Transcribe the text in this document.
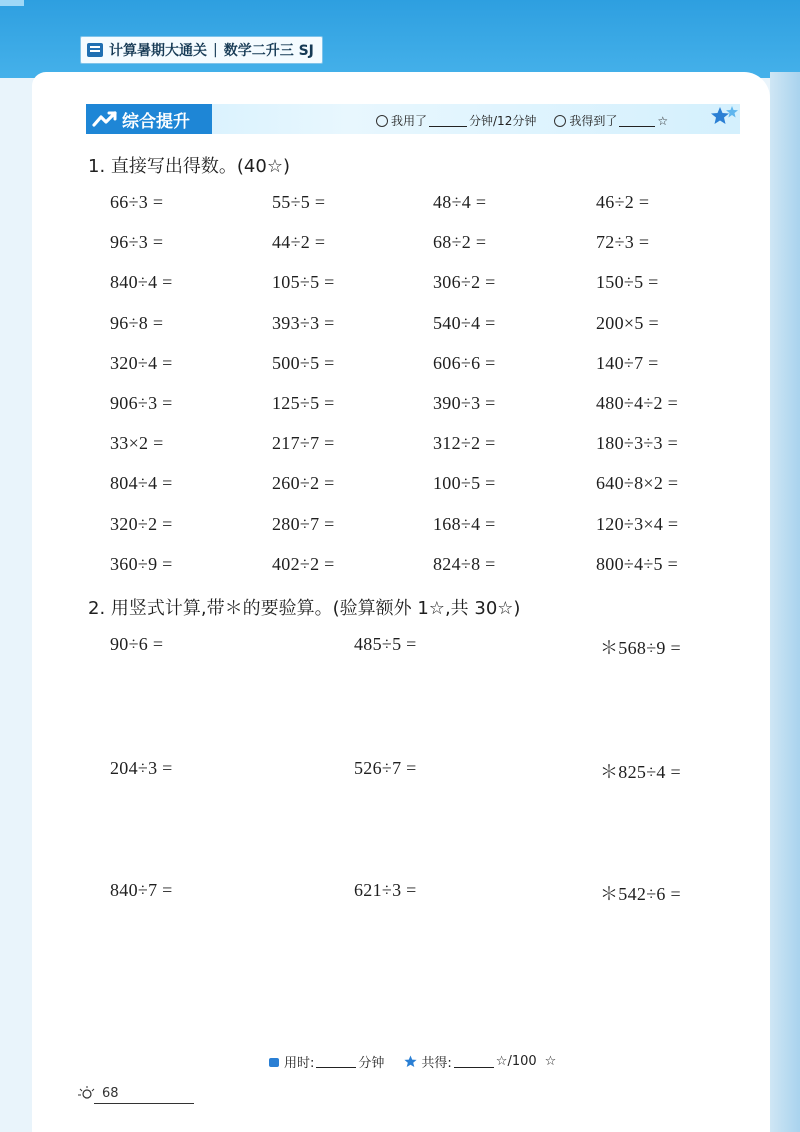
计算暑期大通关 | 数学二升三 SJ
综合提升	我用了	分钟/12分钟	我得到了	☆
1. 直接写出得数。(40☆)
66÷3 =	55÷5 =	48÷4 =	46÷2 =
96÷3 =	44÷2 =	68÷2 =	72÷3 =
840÷4 =	105÷5 =	306÷2 =	150÷5 =
96÷8 =	393÷3 =	540÷4 =	200×5 =
320÷4 =	500÷5 =	606÷6 =	140÷7 =
906÷3 =	125÷5 =	390÷3 =	480÷4÷2 =
33×2 =	217÷7 =	312÷2 =	180÷3÷3 =
804÷4 =	260÷2 =	100÷5 =	640÷8×2 =
320÷2 =	280÷7 =	168÷4 =	120÷3×4 =
360÷9 =	402÷2 =	824÷8 =	800÷4÷5 =
2. 用竖式计算,带＊的要验算。(验算额外 1☆,共 30☆)
90÷6 =	485÷5 =	＊568÷9 =
204÷3 =	526÷7 =	＊825÷4 =
840÷7 =	621÷3 =	＊542÷6 =
用时:	分钟	共得:	☆/100 ☆
68
